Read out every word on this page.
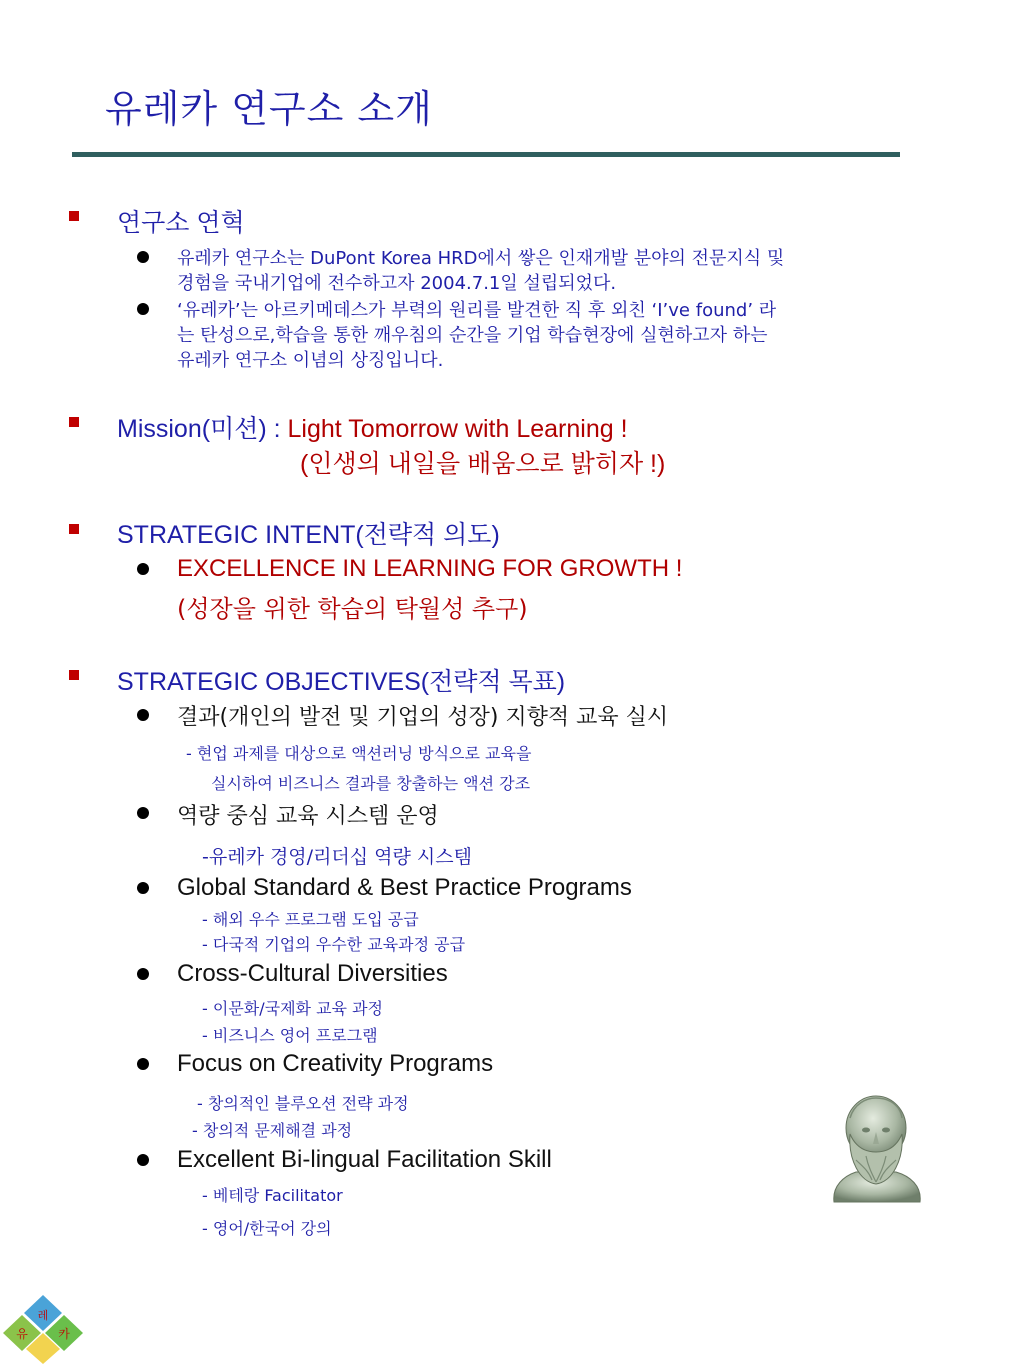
유레카 연구소 소개
연구소 연혁
유레카 연구소는 DuPont Korea HRD에서 쌓은 인재개발 분야의 전문지식 및
경험을 국내기업에 전수하고자 2004.7.1일 설립되었다.
‘유레카’는 아르키메데스가 부력의 원리를 발견한 직 후 외친 ‘I’ve found’ 라
는 탄성으로,학습을 통한 깨우침의 순간을 기업 학습현장에 실현하고자 하는
유레카 연구소 이념의 상징입니다.
Mission(미션) : Light Tomorrow with Learning !
(인생의 내일을 배움으로 밝히자 !)
STRATEGIC INTENT(전략적 의도)
EXCELLENCE IN LEARNING FOR GROWTH !
(성장을 위한 학습의 탁월성 추구)
STRATEGIC OBJECTIVES(전략적 목표)
결과(개인의 발전 및 기업의 성장) 지향적 교육 실시
- 현업 과제를 대상으로 액션러닝 방식으로 교육을
실시하여 비즈니스 결과를 창출하는 액션 강조
역량 중심 교육 시스템 운영
-유레카 경영/리더십 역량 시스템
Global Standard & Best Practice Programs
- 해외 우수 프로그램 도입 공급
- 다국적 기업의 우수한 교육과정 공급
Cross-Cultural Diversities
- 이문화/국제화 교육 과정
- 비즈니스 영어 프로그램
Focus on Creativity Programs
- 창의적인 블루오션 전략 과정
- 창의적 문제해결 과정
Excellent Bi-lingual Facilitation Skill
- 베테랑 Facilitator
- 영어/한국어 강의
레
유	카
